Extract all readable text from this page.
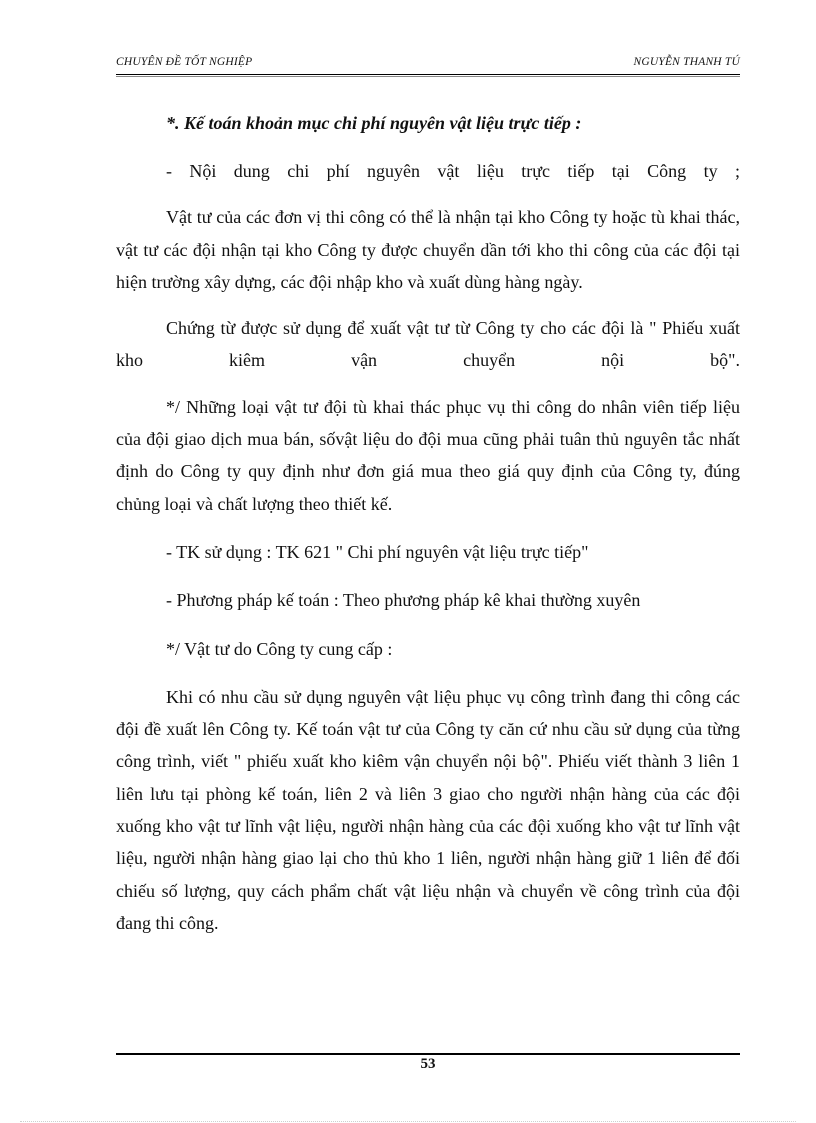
CHUYÊN ĐỀ TỐT NGHIỆP	NGUYỄN THANH TÚ
*. Kế toán khoản mục chi phí nguyên vật liệu trực tiếp :

- Nội dung chi phí nguyên vật liệu trực tiếp tại Công ty ;

Vật tư của các đơn vị thi công có thể là nhận tại kho Công ty hoặc tù khai thác, vật tư các đội nhận tại kho Công ty được chuyển dần tới kho thi công của các đội tại hiện trường xây dựng, các đội nhập kho và xuất dùng hàng ngày.

Chứng từ được sử dụng để xuất vật tư từ Công ty cho các đội là " Phiếu xuất kho kiêm vận chuyển nội bộ".

*/ Những loại vật tư đội tù khai thác phục vụ thi công do nhân viên tiếp liệu của đội giao dịch mua bán, sốvật liệu do đội mua cũng phải tuân thủ nguyên tắc nhất định do Công ty quy định như đơn giá mua theo giá quy định của Công ty, đúng chủng loại và chất lượng theo thiết kế.

- TK sử dụng : TK 621 " Chi phí nguyên vật liệu trực tiếp"

- Phương pháp kế toán : Theo phương pháp kê khai thường xuyên

*/ Vật tư do Công ty cung cấp :

Khi có nhu cầu sử dụng nguyên vật liệu phục vụ công trình đang thi công các đội đề xuất lên Công ty. Kế toán vật tư của Công ty căn cứ nhu cầu sử dụng của từng công trình, viết " phiếu xuất kho kiêm vận chuyển nội bộ". Phiếu viết thành 3 liên 1 liên lưu tại phòng kế toán, liên 2 và liên 3 giao cho người nhận hàng của các đội xuống kho vật tư lĩnh vật liệu, người nhận hàng của các đội xuống kho vật tư lĩnh vật liệu, người nhận hàng giao lại cho thủ kho 1 liên, người nhận hàng giữ 1 liên để đối chiếu số lượng, quy cách phẩm chất vật liệu nhận và chuyển về công trình của đội đang thi công.

53
